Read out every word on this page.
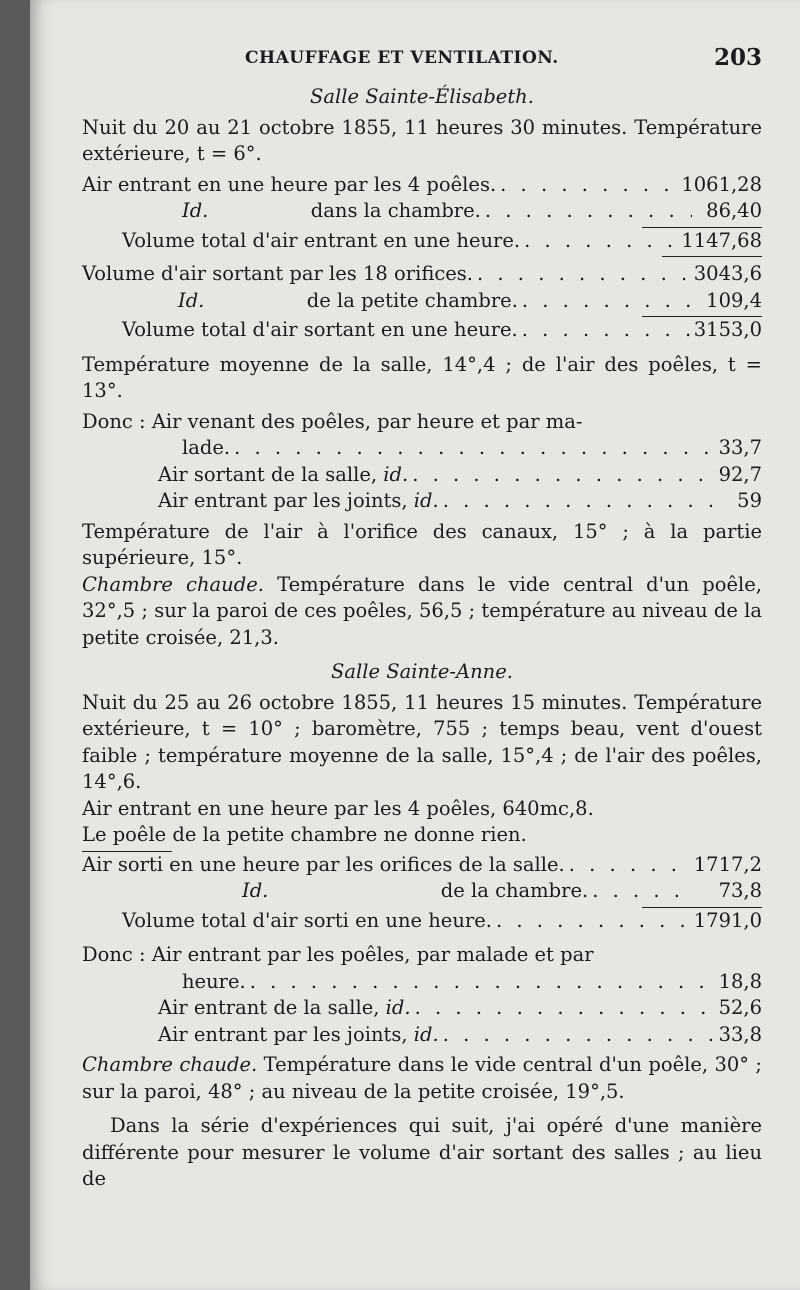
CHAUFFAGE ET VENTILATION.	203

Salle Sainte-Élisabeth.

Nuit du 20 au 21 octobre 1855, 11 heures 30 minutes. Température extérieure, t = 6°.

Air entrant en une heure par les 4 poêles. . . .	1061,28
Id.	dans la chambre. . . .	86,40
Volume total d'air entrant en une heure. . . .	1147,68
Volume d'air sortant par les 18 orifices. . . .	3043,6
Id.	de la petite chambre. . . .	109,4
Volume total d'air sortant en une heure. . . .	3153,0

Température moyenne de la salle, 14°,4 ; de l'air des poêles, t = 13°.

Donc : Air venant des poêles, par heure et par ma-

lade. . . .	33,7
Air sortant de la salle, id. . . .	92,7
Air entrant par les joints, id. . . .	59

Température de l'air à l'orifice des canaux, 15° ; à la partie supérieure, 15°.

Chambre chaude. Température dans le vide central d'un poêle, 32°,5 ; sur la paroi de ces poêles, 56,5 ; température au niveau de la petite croisée, 21,3.

Salle Sainte-Anne.

Nuit du 25 au 26 octobre 1855, 11 heures 15 minutes. Température extérieure, t = 10° ; baromètre, 755 ; temps beau, vent d'ouest faible ; température moyenne de la salle, 15°,4 ; de l'air des poêles, 14°,6.

Air entrant en une heure par les 4 poêles, 640mc,8.

Le poêle de la petite chambre ne donne rien.

Air sorti en une heure par les orifices de la salle. . . .	1717,2
Id.	de la chambre. . . .	73,8
Volume total d'air sorti en une heure. . . .	1791,0

Donc : Air entrant par les poêles, par malade et par

heure. . . .	18,8
Air entrant de la salle, id. . . .	52,6
Air entrant par les joints, id. . . .	33,8

Chambre chaude. Température dans le vide central d'un poêle, 30° ; sur la paroi, 48° ; au niveau de la petite croisée, 19°,5.

Dans la série d'expériences qui suit, j'ai opéré d'une manière différente pour mesurer le volume d'air sortant des salles ; au lieu de
